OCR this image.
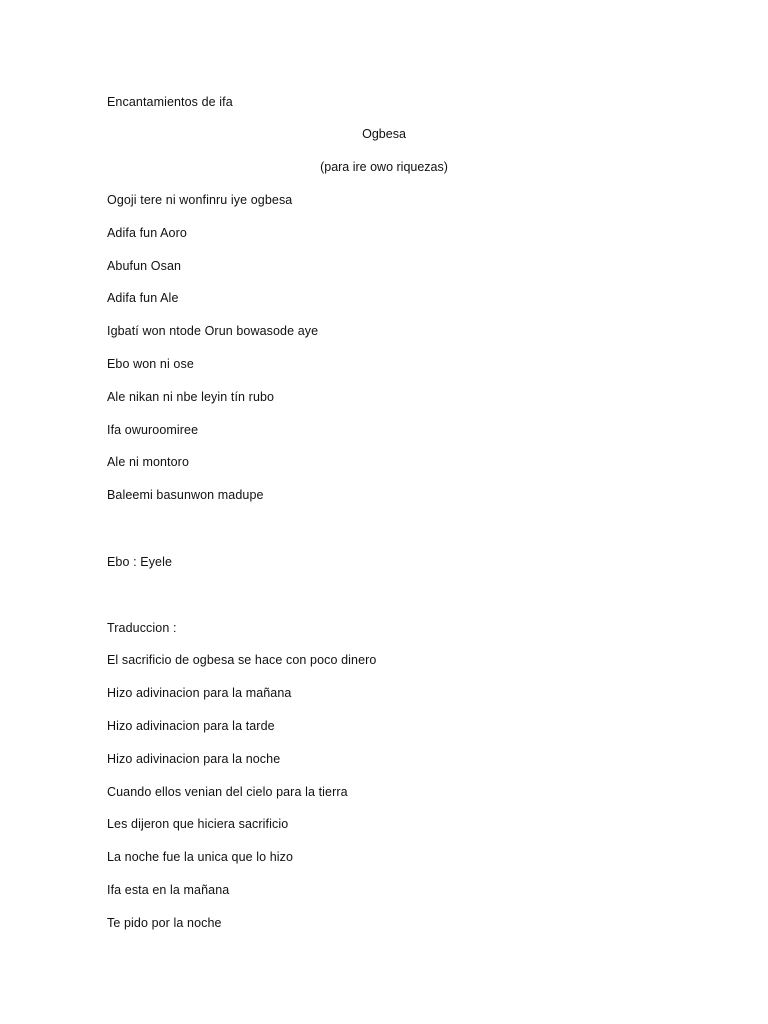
Encantamientos de ifa
Ogbesa
(para ire owo riquezas)
Ogoji tere ni wonfinru iye ogbesa
Adifa fun Aoro
Abufun Osan
Adifa fun Ale
Igbatí won ntode Orun bowasode aye
Ebo won ni ose
Ale nikan ni nbe leyin tín rubo
Ifa owuroomiree
Ale ni montoro
Baleemi basunwon madupe
Ebo : Eyele
Traduccion :
El sacrificio de ogbesa se hace con poco dinero
Hizo adivinacion para la mañana
Hizo adivinacion para la tarde
Hizo adivinacion para la noche
Cuando ellos venian del cielo para la tierra
Les dijeron que hiciera sacrificio
La noche fue la unica que lo hizo
Ifa esta en la mañana
Te pido por la noche
